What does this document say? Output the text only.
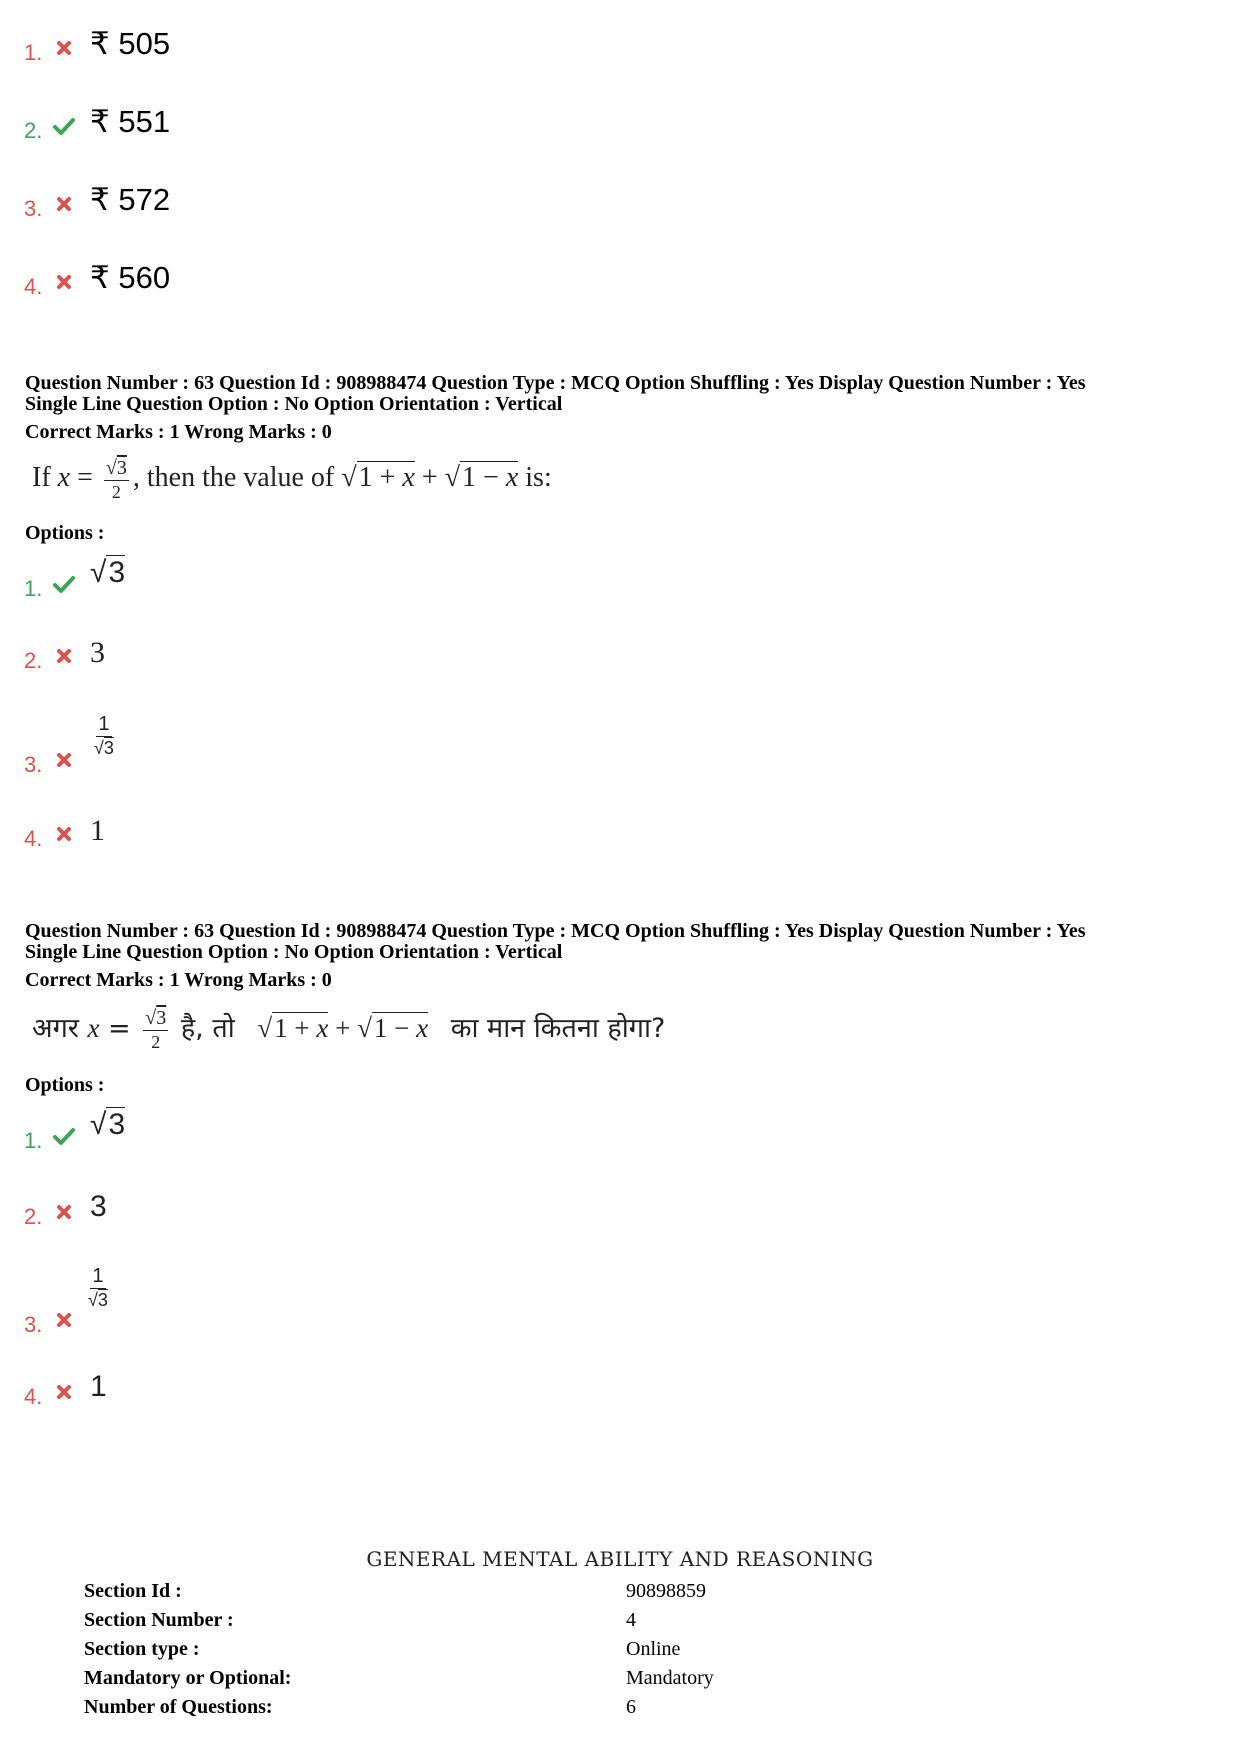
1. ₹ 505
2. ₹ 551
3. ₹ 572
4. ₹ 560
Question Number : 63 Question Id : 908988474 Question Type : MCQ Option Shuffling : Yes Display Question Number : Yes
Single Line Question Option : No Option Orientation : Vertical
Correct Marks : 1 Wrong Marks : 0
If $x = \frac{√3}{2}$ , then the value of √1 + x + √1 − x is:
Options :
1. √3
2. 3
3.
$\frac{1}{√3}$
4. 1
Question Number : 63 Question Id : 908988474 Question Type : MCQ Option Shuffling : Yes Display Question Number : Yes
Single Line Question Option : No Option Orientation : Vertical
Correct Marks : 1 Wrong Marks : 0
अगर $x = \frac{√3}{2}$ है, तो √1 + x + √1 − x का मान कितना होगा?
Options :
1. √3
2. 3
3.
$\frac{1}{√3}$
4. 1
GENERAL MENTAL ABILITY AND REASONING
Section Id :	90898859
Section Number :	4
Section type :	Online
Mandatory or Optional:	Mandatory
Number of Questions:	6
